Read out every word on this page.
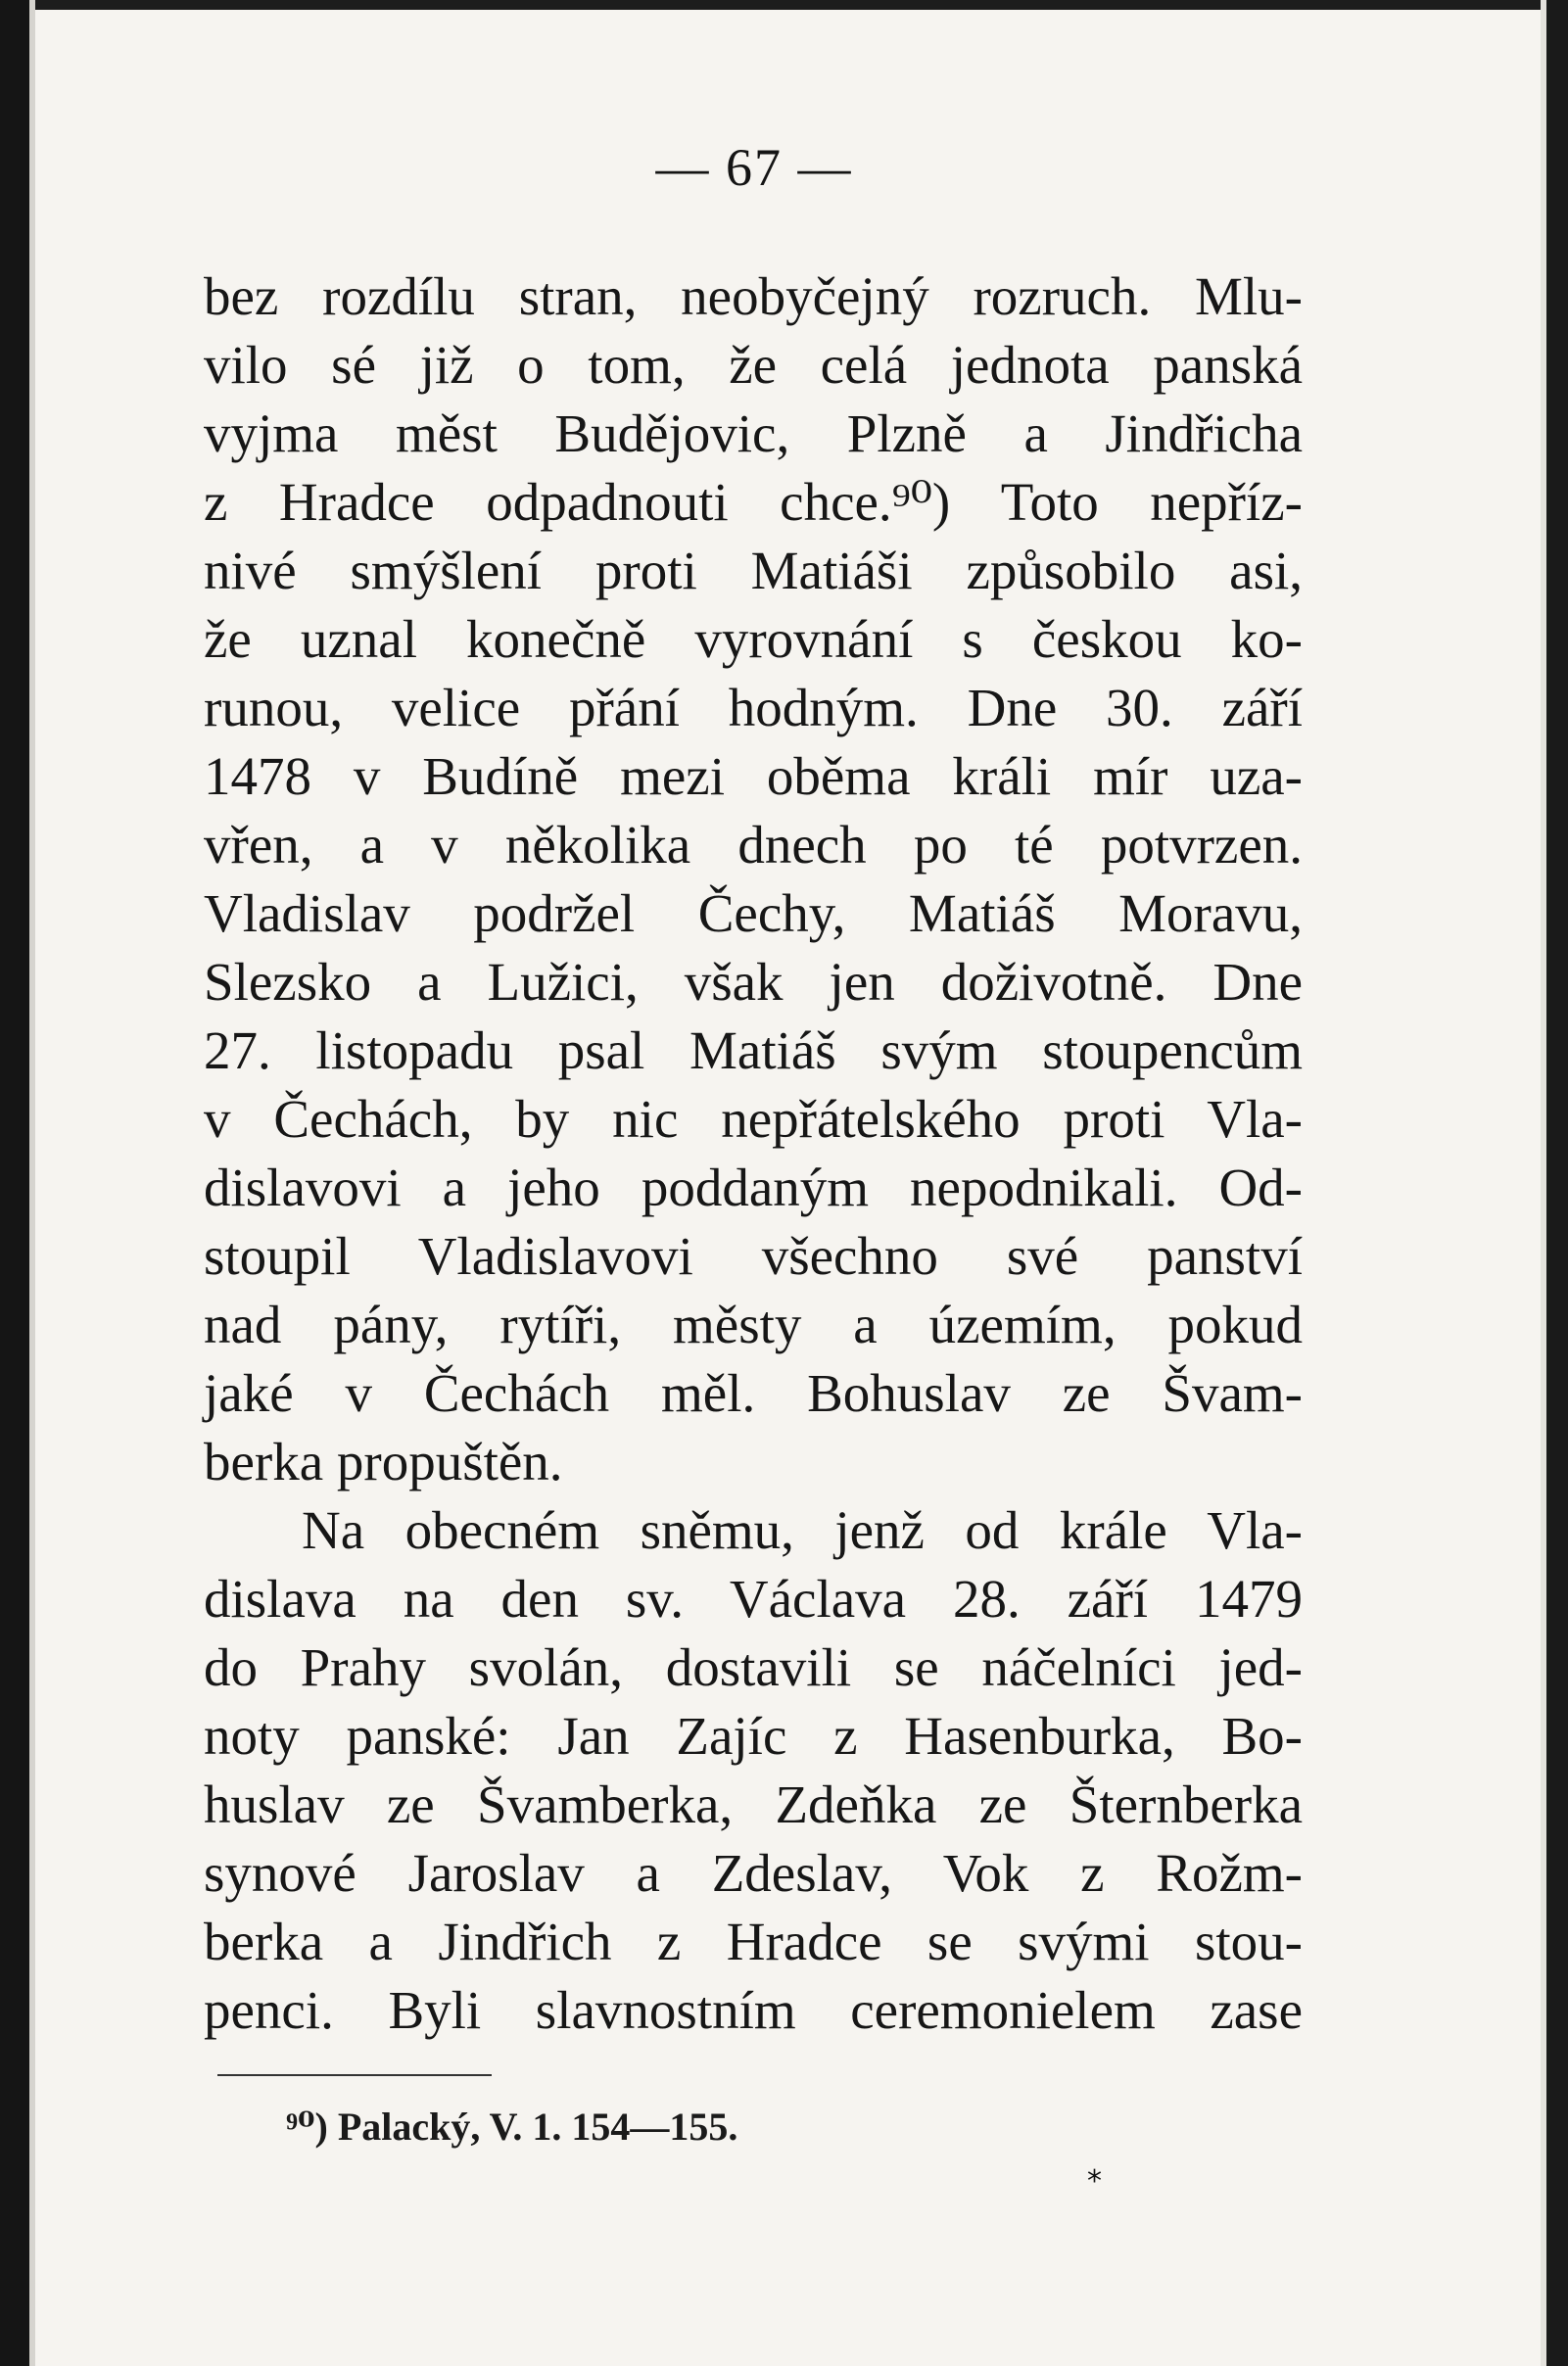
— 67 —
bez rozdílu stran, neobyčejný rozruch. Mlu-
vilo sé již o tom, že celá jednota panská
vyjma měst Budějovic, Plzně a Jindřicha
z Hradce odpadnouti chce.⁹⁰) Toto nepříz-
nivé smýšlení proti Matiáši způsobilo asi,
že uznal konečně vyrovnání s českou ko-
runou, velice přání hodným. Dne 30. září
1478 v Budíně mezi oběma králi mír uza-
vřen, a v několika dnech po té potvrzen.
Vladislav podržel Čechy, Matiáš Moravu,
Slezsko a Lužici, však jen doživotně. Dne
27. listopadu psal Matiáš svým stoupencům
v Čechách, by nic nepřátelského proti Vla-
dislavovi a jeho poddaným nepodnikali. Od-
stoupil Vladislavovi všechno své panství
nad pány, rytíři, městy a územím, pokud
jaké v Čechách měl. Bohuslav ze Švam-
berka propuštěn.
Na obecném sněmu, jenž od krále Vla-
dislava na den sv. Václava 28. září 1479
do Prahy svolán, dostavili se náčelníci jed-
noty panské: Jan Zajíc z Hasenburka, Bo-
huslav ze Švamberka, Zdeňka ze Šternberka
synové Jaroslav a Zdeslav, Vok z Rožm-
berka a Jindřich z Hradce se svými stou-
penci. Byli slavnostním ceremonielem zase
⁹⁰) Palacký, V. 1. 154—155.
*
